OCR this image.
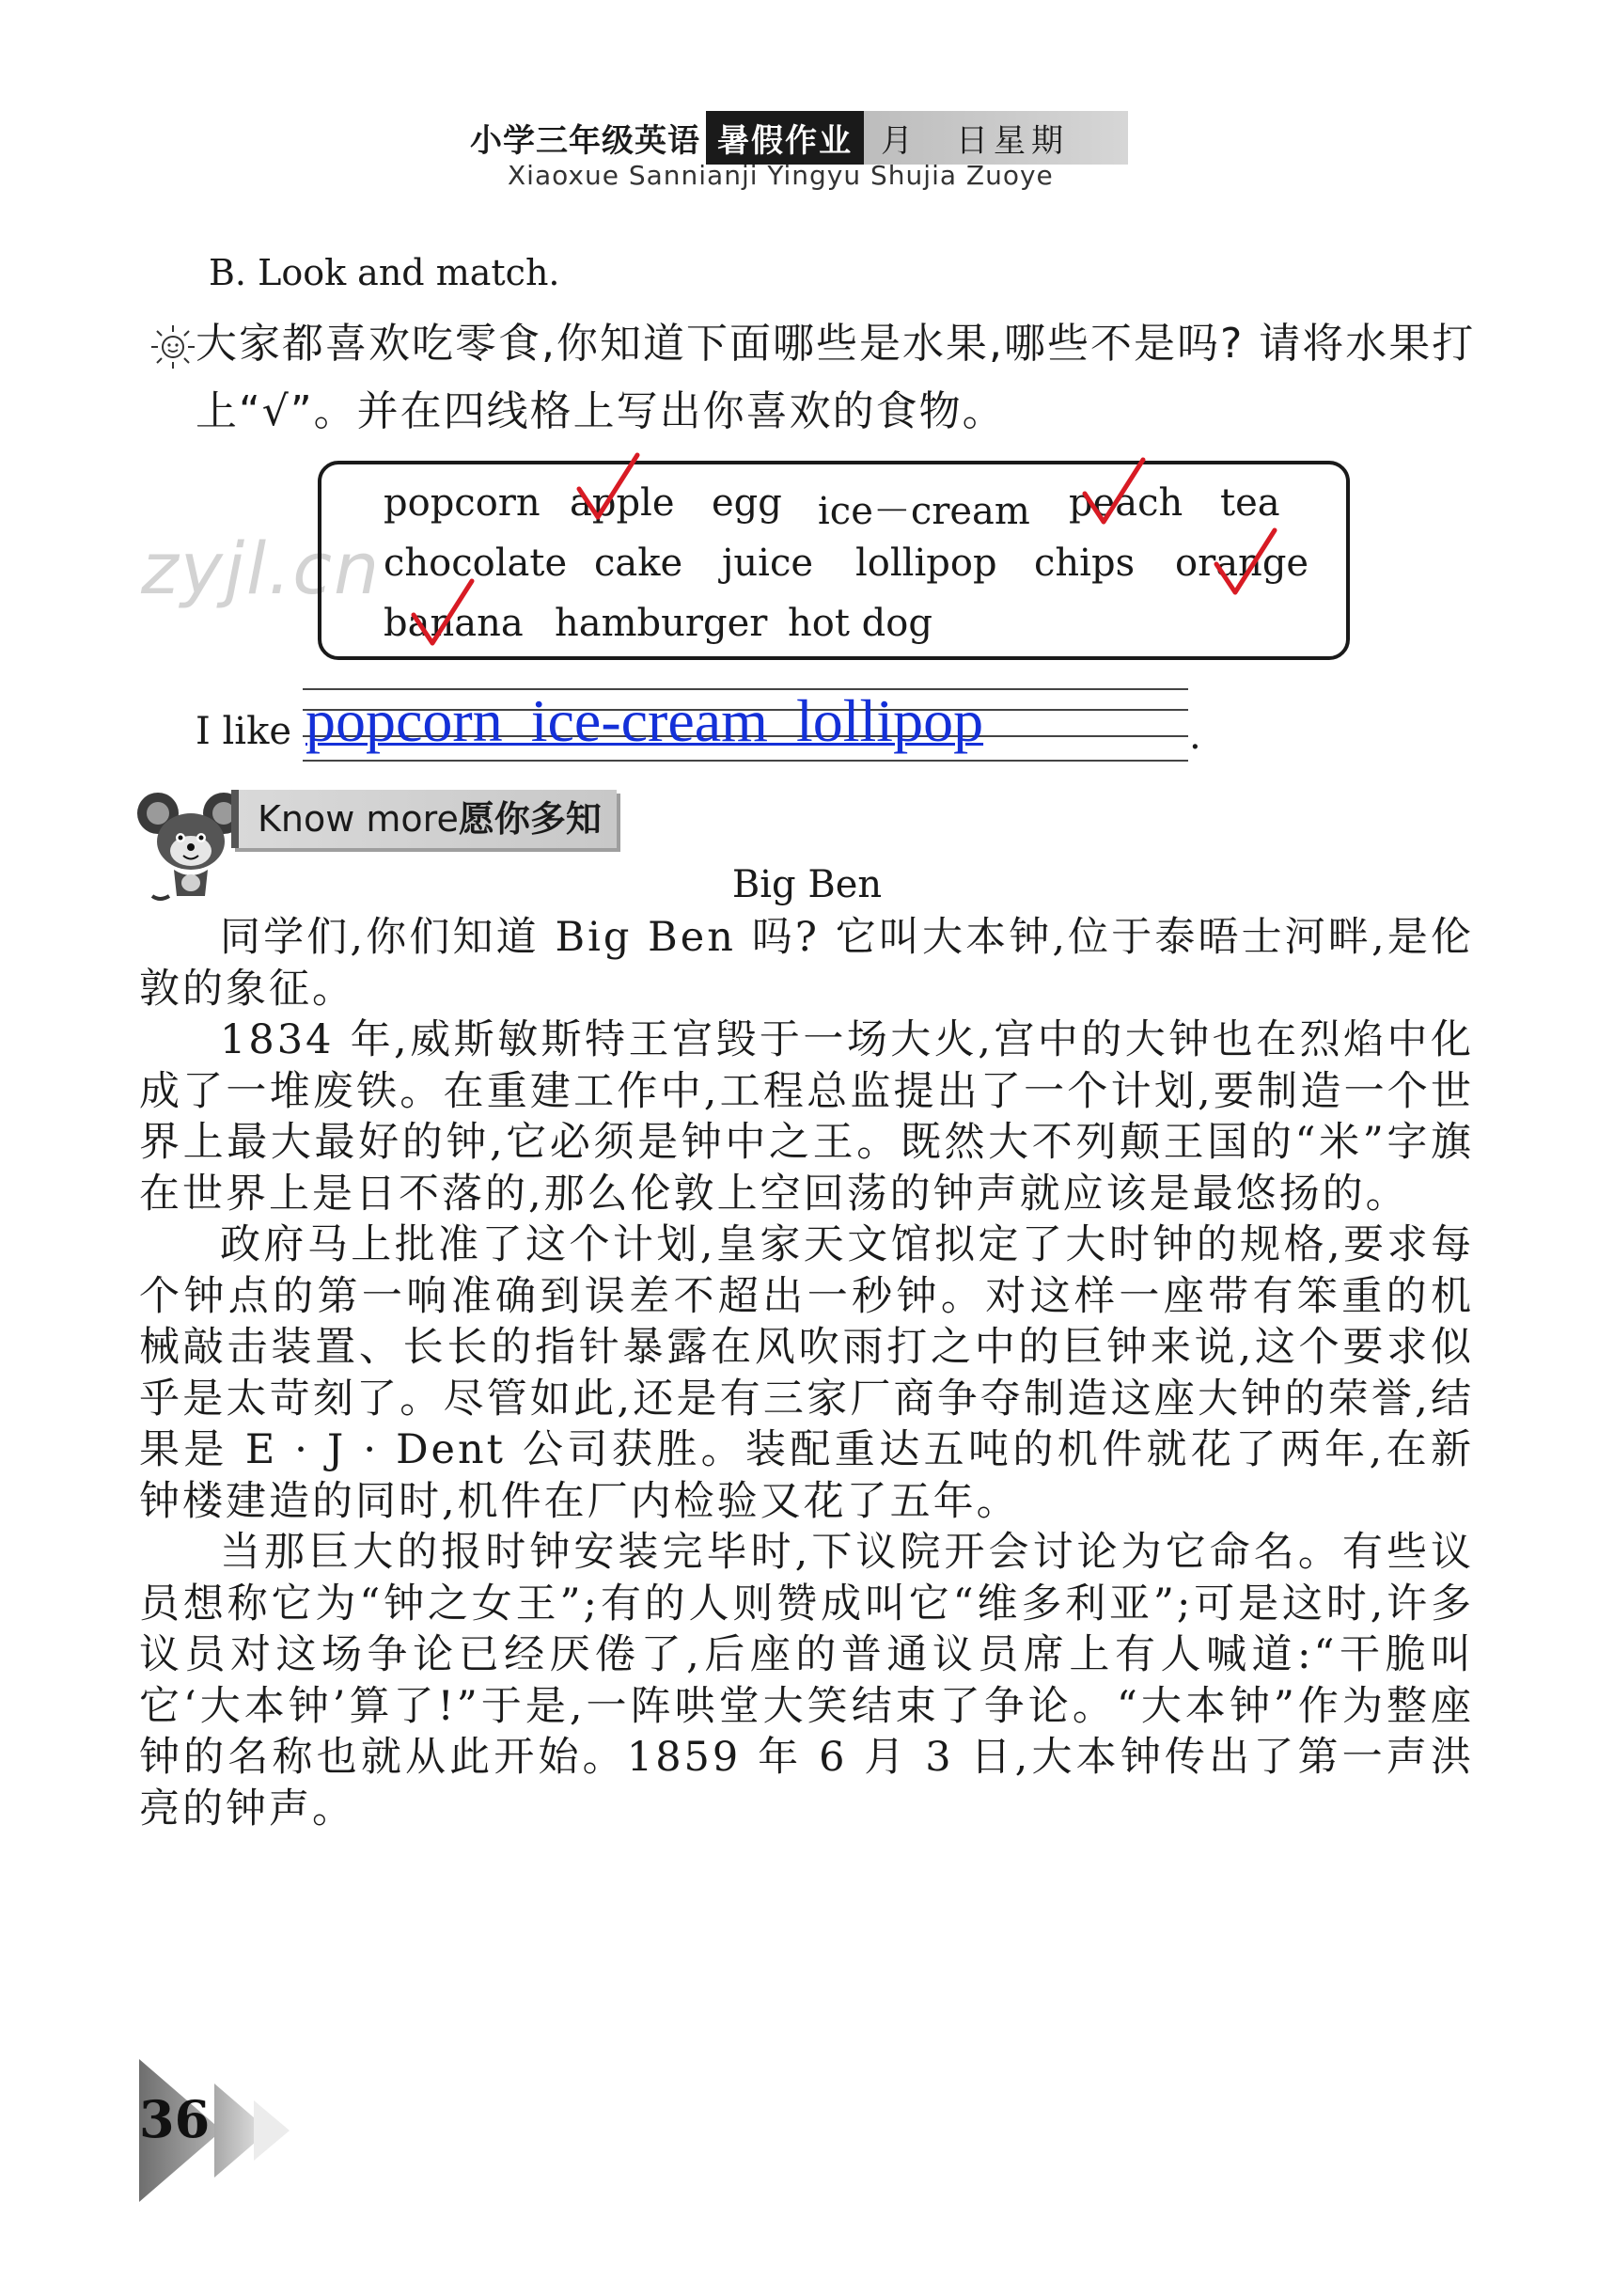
zyjl.cn
小学三年级英语 暑假作业 月　日星期
Xiaoxue Sannianji Yingyu Shujia Zuoye
B. Look and match.
大家都喜欢吃零食,你知道下面哪些是水果,哪些不是吗? 请将水果打上“√”。并在四线格上写出你喜欢的食物。
popcorn apple egg ice－cream peach tea
chocolate cake juice lollipop chips orange
banana hamburger hot dog
I like popcorn ice-cream lollipop	.
Know more愿你多知
Big Ben

同学们,你们知道 Big Ben 吗? 它叫大本钟,位于泰晤士河畔,是伦敦的象征。

1834 年,威斯敏斯特王宫毁于一场大火,宫中的大钟也在烈焰中化成了一堆废铁。在重建工作中,工程总监提出了一个计划,要制造一个世界上最大最好的钟,它必须是钟中之王。既然大不列颠王国的“米”字旗在世界上是日不落的,那么伦敦上空回荡的钟声就应该是最悠扬的。

政府马上批准了这个计划,皇家天文馆拟定了大时钟的规格,要求每个钟点的第一响准确到误差不超出一秒钟。对这样一座带有笨重的机械敲击装置、长长的指针暴露在风吹雨打之中的巨钟来说,这个要求似乎是太苛刻了。尽管如此,还是有三家厂商争夺制造这座大钟的荣誉,结果是 E · J · Dent 公司获胜。装配重达五吨的机件就花了两年,在新钟楼建造的同时,机件在厂内检验又花了五年。

当那巨大的报时钟安装完毕时,下议院开会讨论为它命名。有些议员想称它为“钟之女王”;有的人则赞成叫它“维多利亚”;可是这时,许多议员对这场争论已经厌倦了,后座的普通议员席上有人喊道:“干脆叫它‘大本钟’算了!”于是,一阵哄堂大笑结束了争论。“大本钟”作为整座钟的名称也就从此开始。1859 年 6 月 3 日,大本钟传出了第一声洪亮的钟声。

36
